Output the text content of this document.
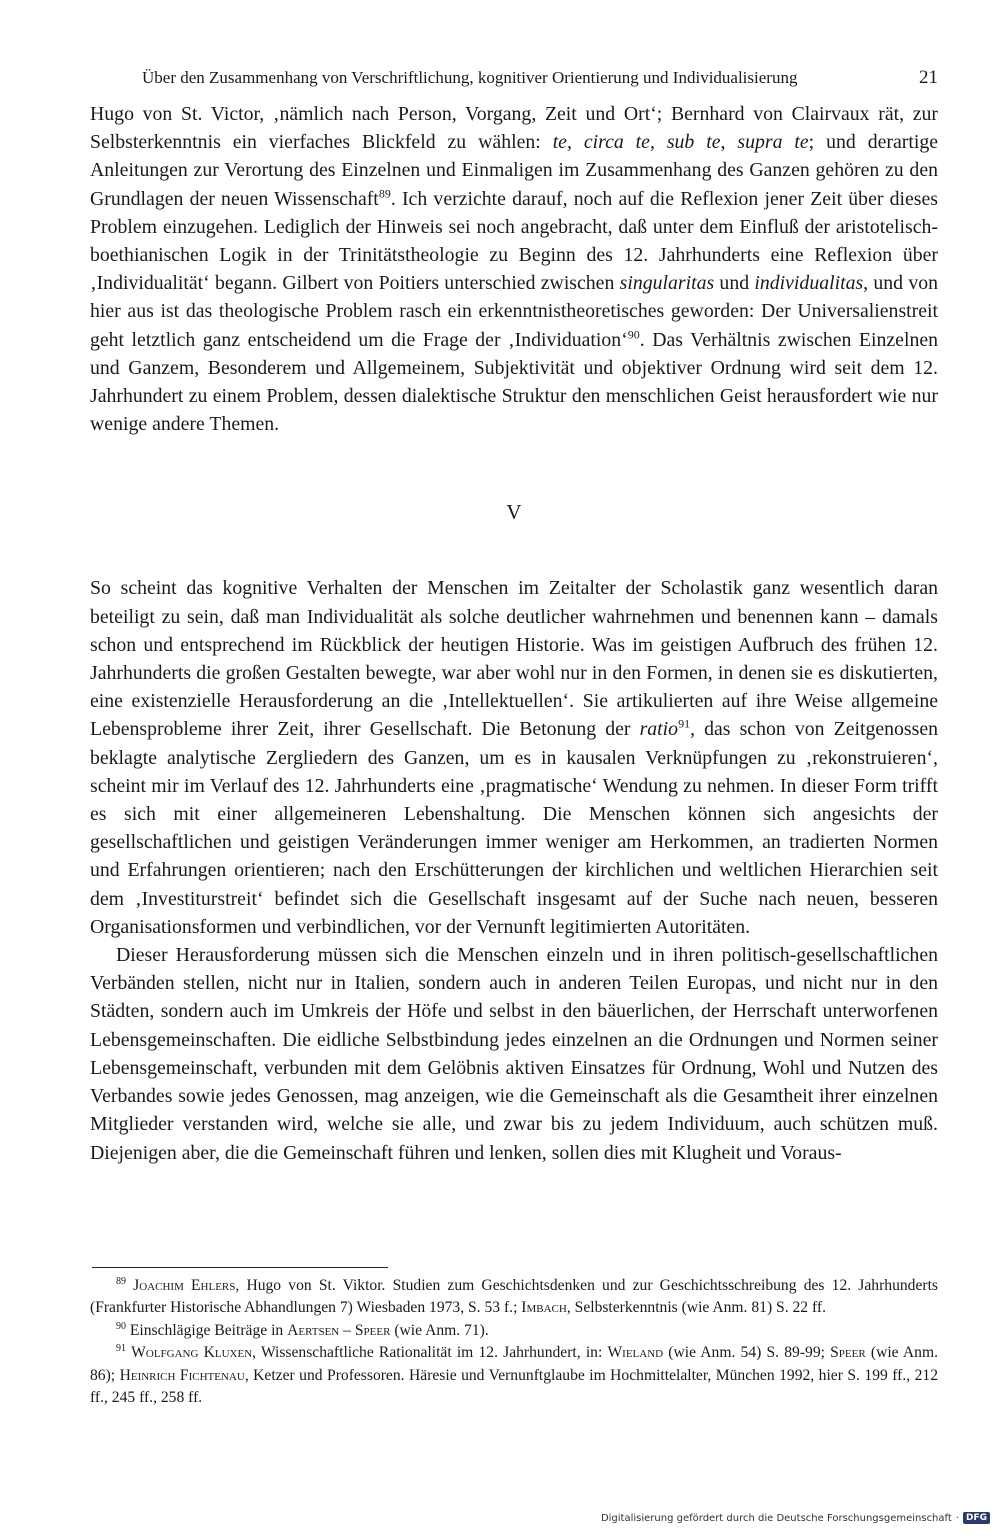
Über den Zusammenhang von Verschriftlichung, kognitiver Orientierung und Individualisierung	21

Hugo von St. Victor, ‚nämlich nach Person, Vorgang, Zeit und Ort‘; Bernhard von Clairvaux rät, zur Selbsterkenntnis ein vierfaches Blickfeld zu wählen: te, circa te, sub te, supra te; und derartige Anleitungen zur Verortung des Einzelnen und Einmaligen im Zusammenhang des Ganzen gehören zu den Grundlagen der neuen Wissenschaft$^{89}$. Ich verzichte darauf, noch auf die Reflexion jener Zeit über dieses Problem einzugehen. Lediglich der Hinweis sei noch angebracht, daß unter dem Einfluß der aristotelisch-boethianischen Logik in der Trinitätstheologie zu Beginn des 12. Jahrhunderts eine Reflexion über ‚Individualität‘ begann. Gilbert von Poitiers unterschied zwischen singularitas und individualitas, und von hier aus ist das theologische Problem rasch ein erkenntnistheoretisches geworden: Der Universalienstreit geht letztlich ganz entscheidend um die Frage der ‚Individuation‘$^{90}$. Das Verhältnis zwischen Einzelnen und Ganzem, Besonderem und Allgemeinem, Subjektivität und objektiver Ordnung wird seit dem 12. Jahrhundert zu einem Problem, dessen dialektische Struktur den menschlichen Geist herausfordert wie nur wenige andere Themen.

V

So scheint das kognitive Verhalten der Menschen im Zeitalter der Scholastik ganz wesentlich daran beteiligt zu sein, daß man Individualität als solche deutlicher wahrnehmen und benennen kann – damals schon und entsprechend im Rückblick der heutigen Historie. Was im geistigen Aufbruch des frühen 12. Jahrhunderts die großen Gestalten bewegte, war aber wohl nur in den Formen, in denen sie es diskutierten, eine existenzielle Herausforderung an die ‚Intellektuellen‘. Sie artikulierten auf ihre Weise allgemeine Lebensprobleme ihrer Zeit, ihrer Gesellschaft. Die Betonung der ratio$^{91}$, das schon von Zeitgenossen beklagte analytische Zergliedern des Ganzen, um es in kausalen Verknüpfungen zu ‚rekonstruieren‘, scheint mir im Verlauf des 12. Jahrhunderts eine ‚pragmatische‘ Wendung zu nehmen. In dieser Form trifft es sich mit einer allgemeineren Lebenshaltung. Die Menschen können sich angesichts der gesellschaftlichen und geistigen Veränderungen immer weniger am Herkommen, an tradierten Normen und Erfahrungen orientieren; nach den Erschütterungen der kirchlichen und weltlichen Hierarchien seit dem ‚Investiturstreit‘ befindet sich die Gesellschaft insgesamt auf der Suche nach neuen, besseren Organisationsformen und verbindlichen, vor der Vernunft legitimierten Autoritäten.

Dieser Herausforderung müssen sich die Menschen einzeln und in ihren politisch-gesellschaftlichen Verbänden stellen, nicht nur in Italien, sondern auch in anderen Teilen Europas, und nicht nur in den Städten, sondern auch im Umkreis der Höfe und selbst in den bäuerlichen, der Herrschaft unterworfenen Lebensgemeinschaften. Die eidliche Selbstbindung jedes einzelnen an die Ordnungen und Normen seiner Lebensgemeinschaft, verbunden mit dem Gelöbnis aktiven Einsatzes für Ordnung, Wohl und Nutzen des Verbandes sowie jedes Genossen, mag anzeigen, wie die Gemeinschaft als die Gesamtheit ihrer einzelnen Mitglieder verstanden wird, welche sie alle, und zwar bis zu jedem Individuum, auch schützen muß. Diejenigen aber, die die Gemeinschaft führen und lenken, sollen dies mit Klugheit und Voraus-

$^{89}$ Joachim Ehlers, Hugo von St. Viktor. Studien zum Geschichtsdenken und zur Geschichtsschreibung des 12. Jahrhunderts (Frankfurter Historische Abhandlungen 7) Wiesbaden 1973, S. 53 f.; Imbach, Selbsterkenntnis (wie Anm. 81) S. 22 ff.

$^{90}$ Einschlägige Beiträge in Aertsen – Speer (wie Anm. 71).

$^{91}$ Wolfgang Kluxen, Wissenschaftliche Rationalität im 12. Jahrhundert, in: Wieland (wie Anm. 54) S. 89-99; Speer (wie Anm. 86); Heinrich Fichtenau, Ketzer und Professoren. Häresie und Vernunftglaube im Hochmittelalter, München 1992, hier S. 199 ff., 212 ff., 245 ff., 258 ff.

Digitalisierung gefördert durch die Deutsche Forschungsgemeinschaft · DFG
